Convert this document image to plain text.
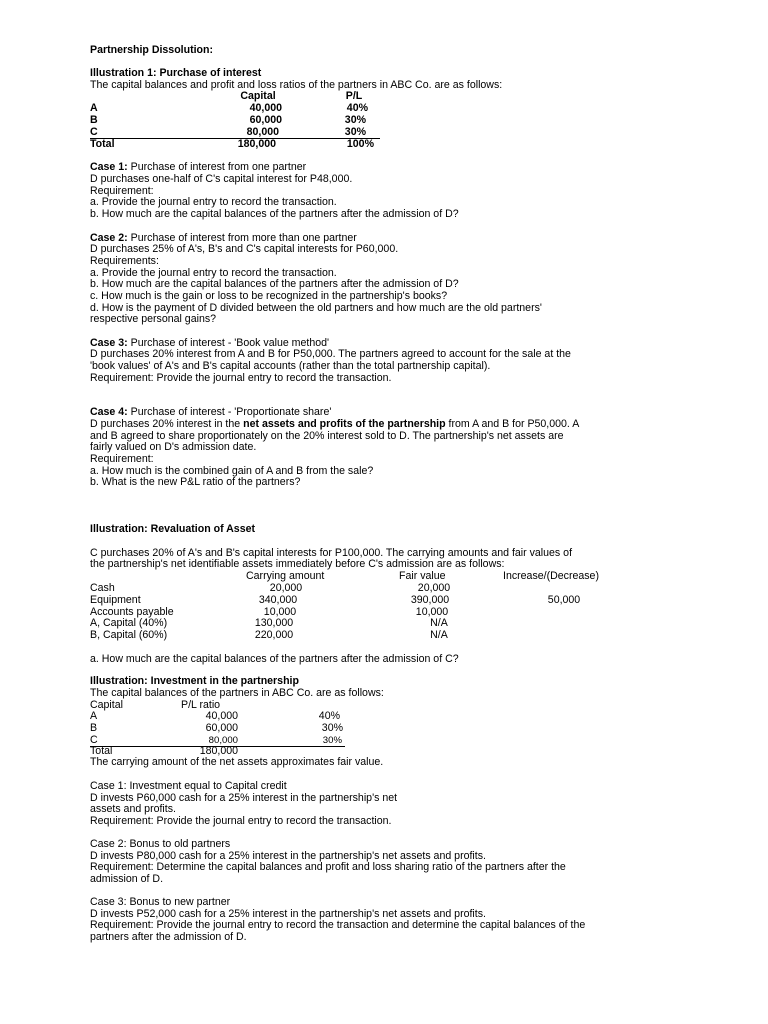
Partnership Dissolution:
Illustration 1: Purchase of interest
The capital balances and profit and loss ratios of the partners in ABC Co. are as follows:
Capital	P/L
A	40,000	40%
B	60,000	30%
C	80,000	30%
Total	180,000	100%
Case 1: Purchase of interest from one partner
D purchases one-half of C's capital interest for P48,000.
Requirement:
a. Provide the journal entry to record the transaction.
b. How much are the capital balances of the partners after the admission of D?
Case 2: Purchase of interest from more than one partner
D purchases 25% of A's, B's and C's capital interests for P60,000.
Requirements:
a. Provide the journal entry to record the transaction.
b. How much are the capital balances of the partners after the admission of D?
c. How much is the gain or loss to be recognized in the partnership's books?
d. How is the payment of D divided between the old partners and how much are the old partners'
respective personal gains?
Case 3: Purchase of interest - 'Book value method'
D purchases 20% interest from A and B for P50,000. The partners agreed to account for the sale at the
'book values' of A's and B's capital accounts (rather than the total partnership capital).
Requirement: Provide the journal entry to record the transaction.
Case 4: Purchase of interest - 'Proportionate share'
D purchases 20% interest in the net assets and profits of the partnership from A and B for P50,000. A
and B agreed to share proportionately on the 20% interest sold to D. The partnership's net assets are
fairly valued on D's admission date.
Requirement:
a. How much is the combined gain of A and B from the sale?
b. What is the new P&L ratio of the partners?
Illustration: Revaluation of Asset
C purchases 20% of A's and B's capital interests for P100,000. The carrying amounts and fair values of
the partnership's net identifiable assets immediately before C's admission are as follows:
Carrying amount	Fair value	Increase/(Decrease)
Cash	20,000	20,000
Equipment	340,000	390,000	50,000
Accounts payable	10,000	10,000
A, Capital (40%)	130,000	N/A
B, Capital (60%)	220,000	N/A
a. How much are the capital balances of the partners after the admission of C?
Illustration: Investment in the partnership
The capital balances of the partners in ABC Co. are as follows:
Capital	P/L ratio
A	40,000	40%
B	60,000	30%
C	80,000	30%
Total	180,000
The carrying amount of the net assets approximates fair value.
Case 1: Investment equal to Capital credit
D invests P60,000 cash for a 25% interest in the partnership's net
assets and profits.
Requirement: Provide the journal entry to record the transaction.
Case 2: Bonus to old partners
D invests P80,000 cash for a 25% interest in the partnership's net assets and profits.
Requirement: Determine the capital balances and profit and loss sharing ratio of the partners after the
admission of D.
Case 3: Bonus to new partner
D invests P52,000 cash for a 25% interest in the partnership's net assets and profits.
Requirement: Provide the journal entry to record the transaction and determine the capital balances of the
partners after the admission of D.
